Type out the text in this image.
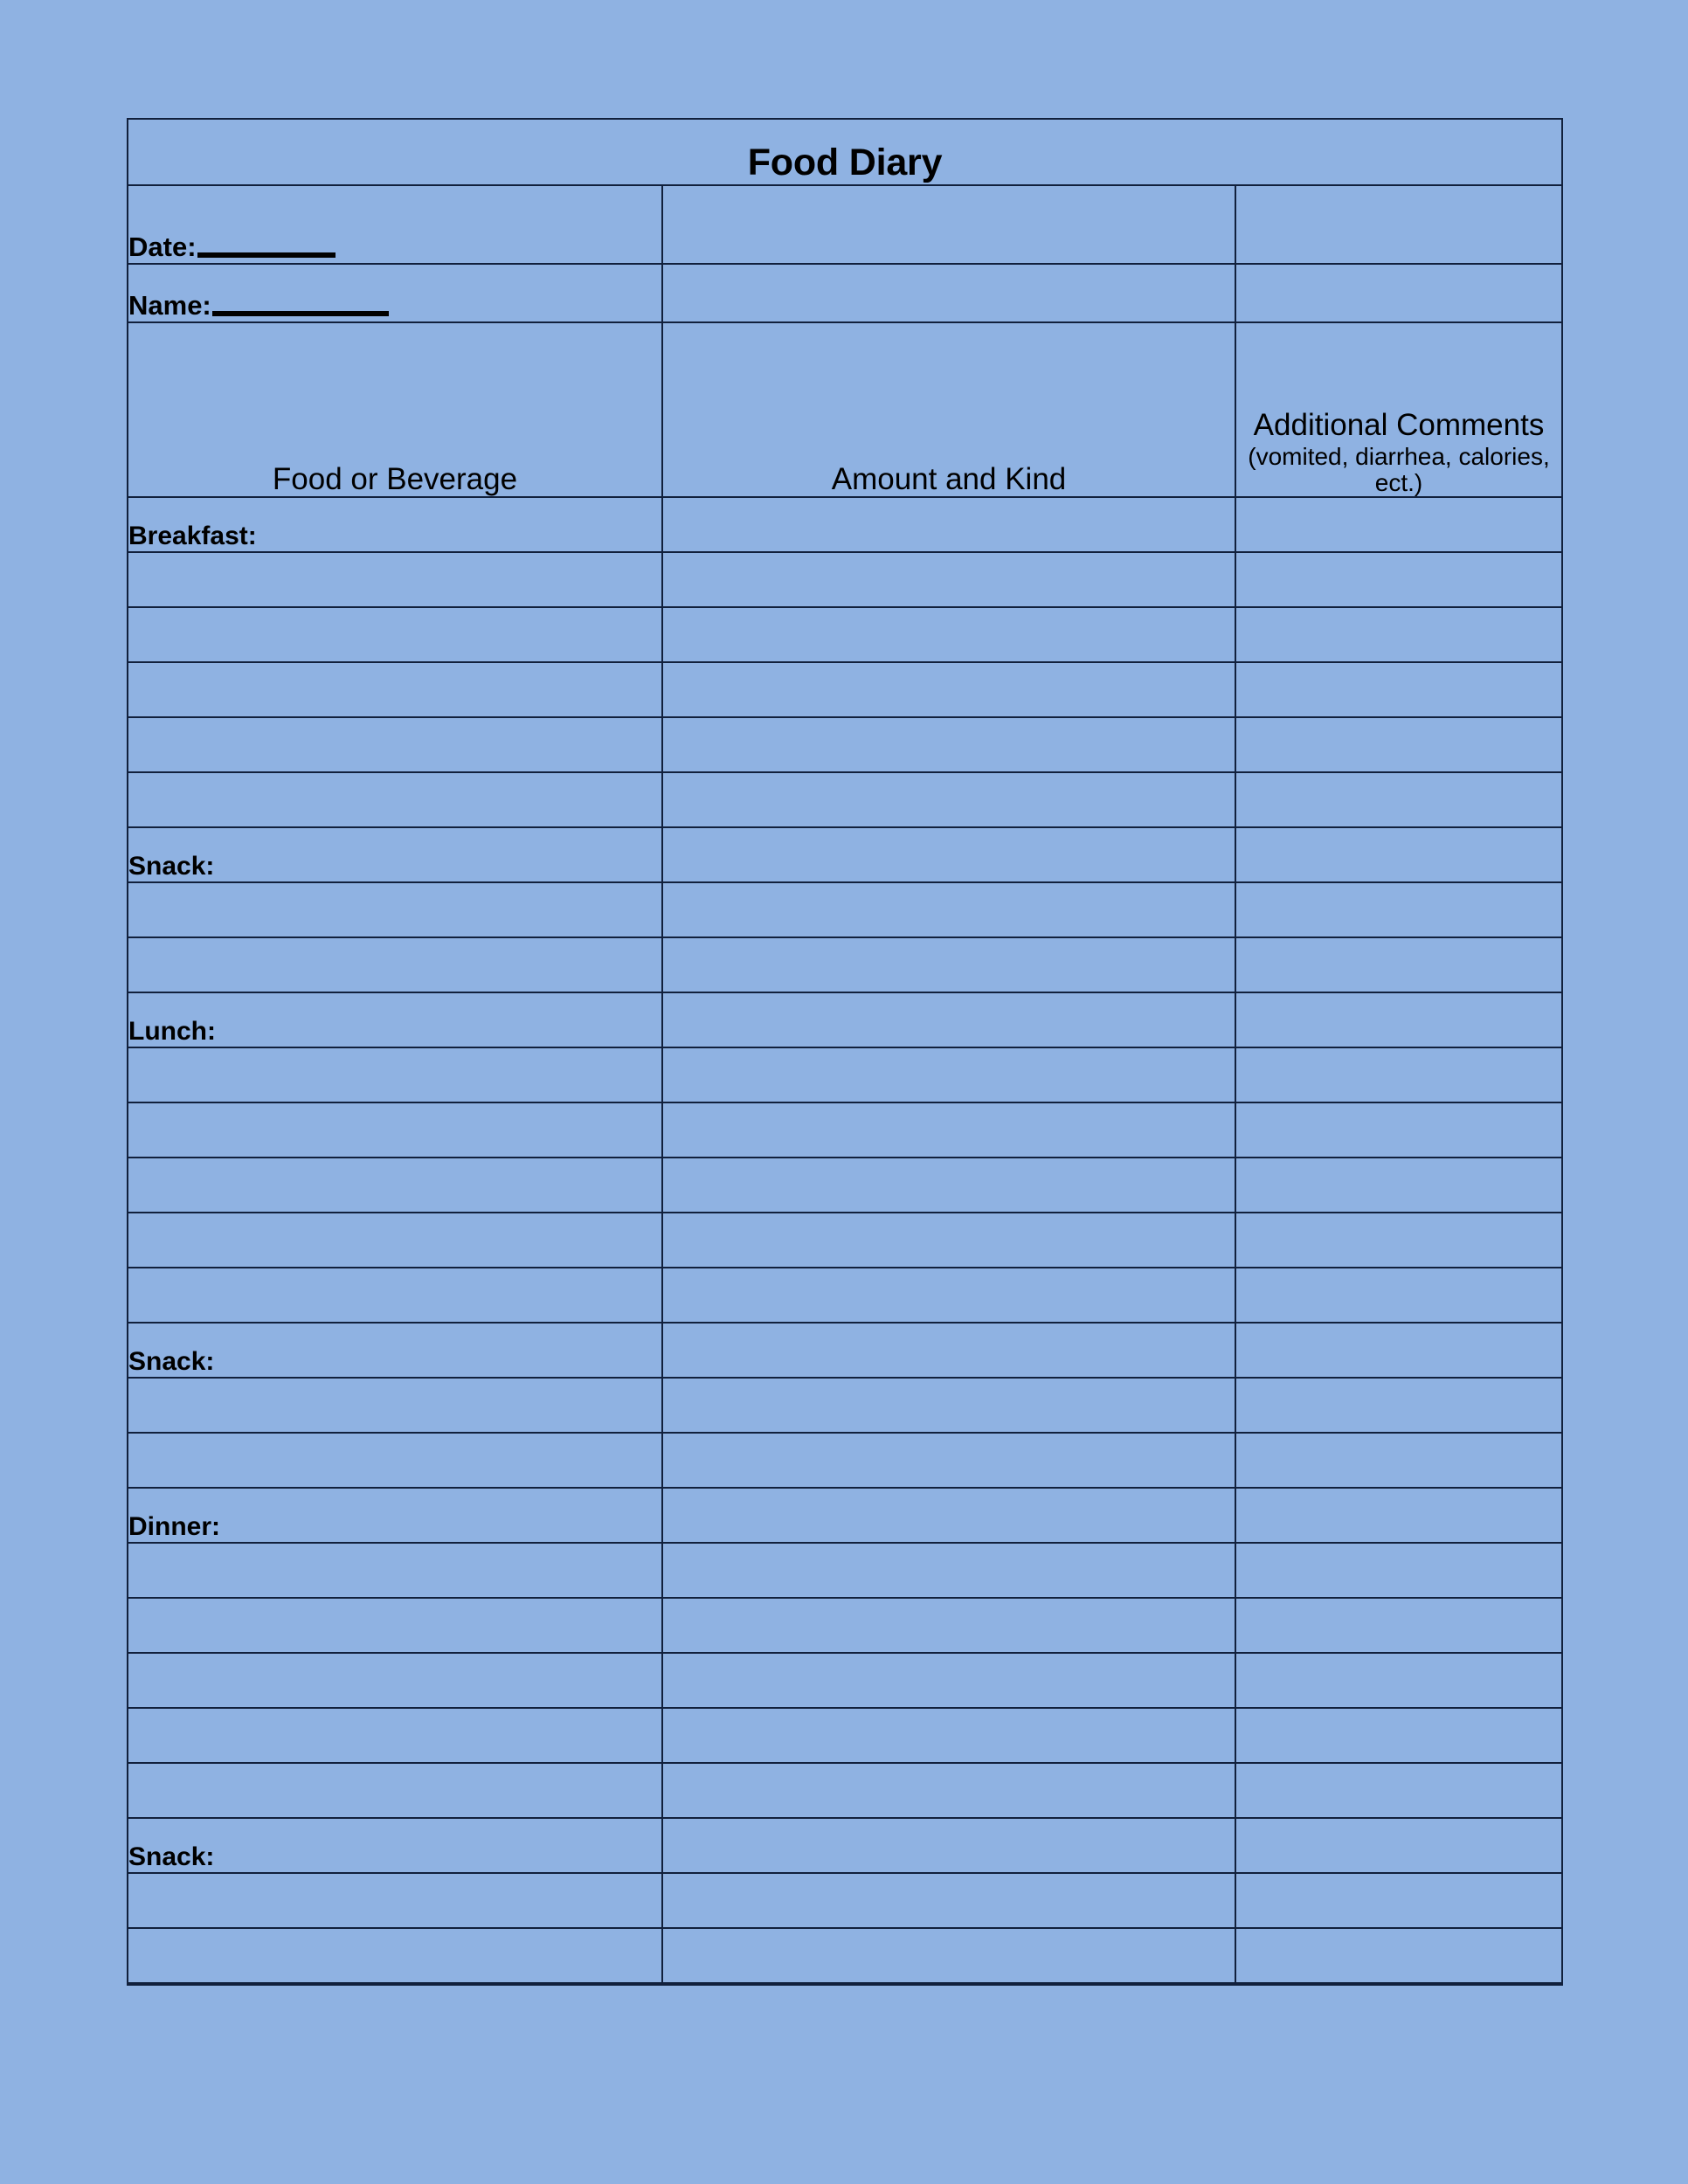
Food Diary		
Date:		
Name:		
Food or Beverage	Amount and Kind	Additional Comments
(vomited, diarrhea, calories, ect.)

Breakfast:		

Snack:		

Lunch:		

Snack:		

Dinner:		

Snack:		
